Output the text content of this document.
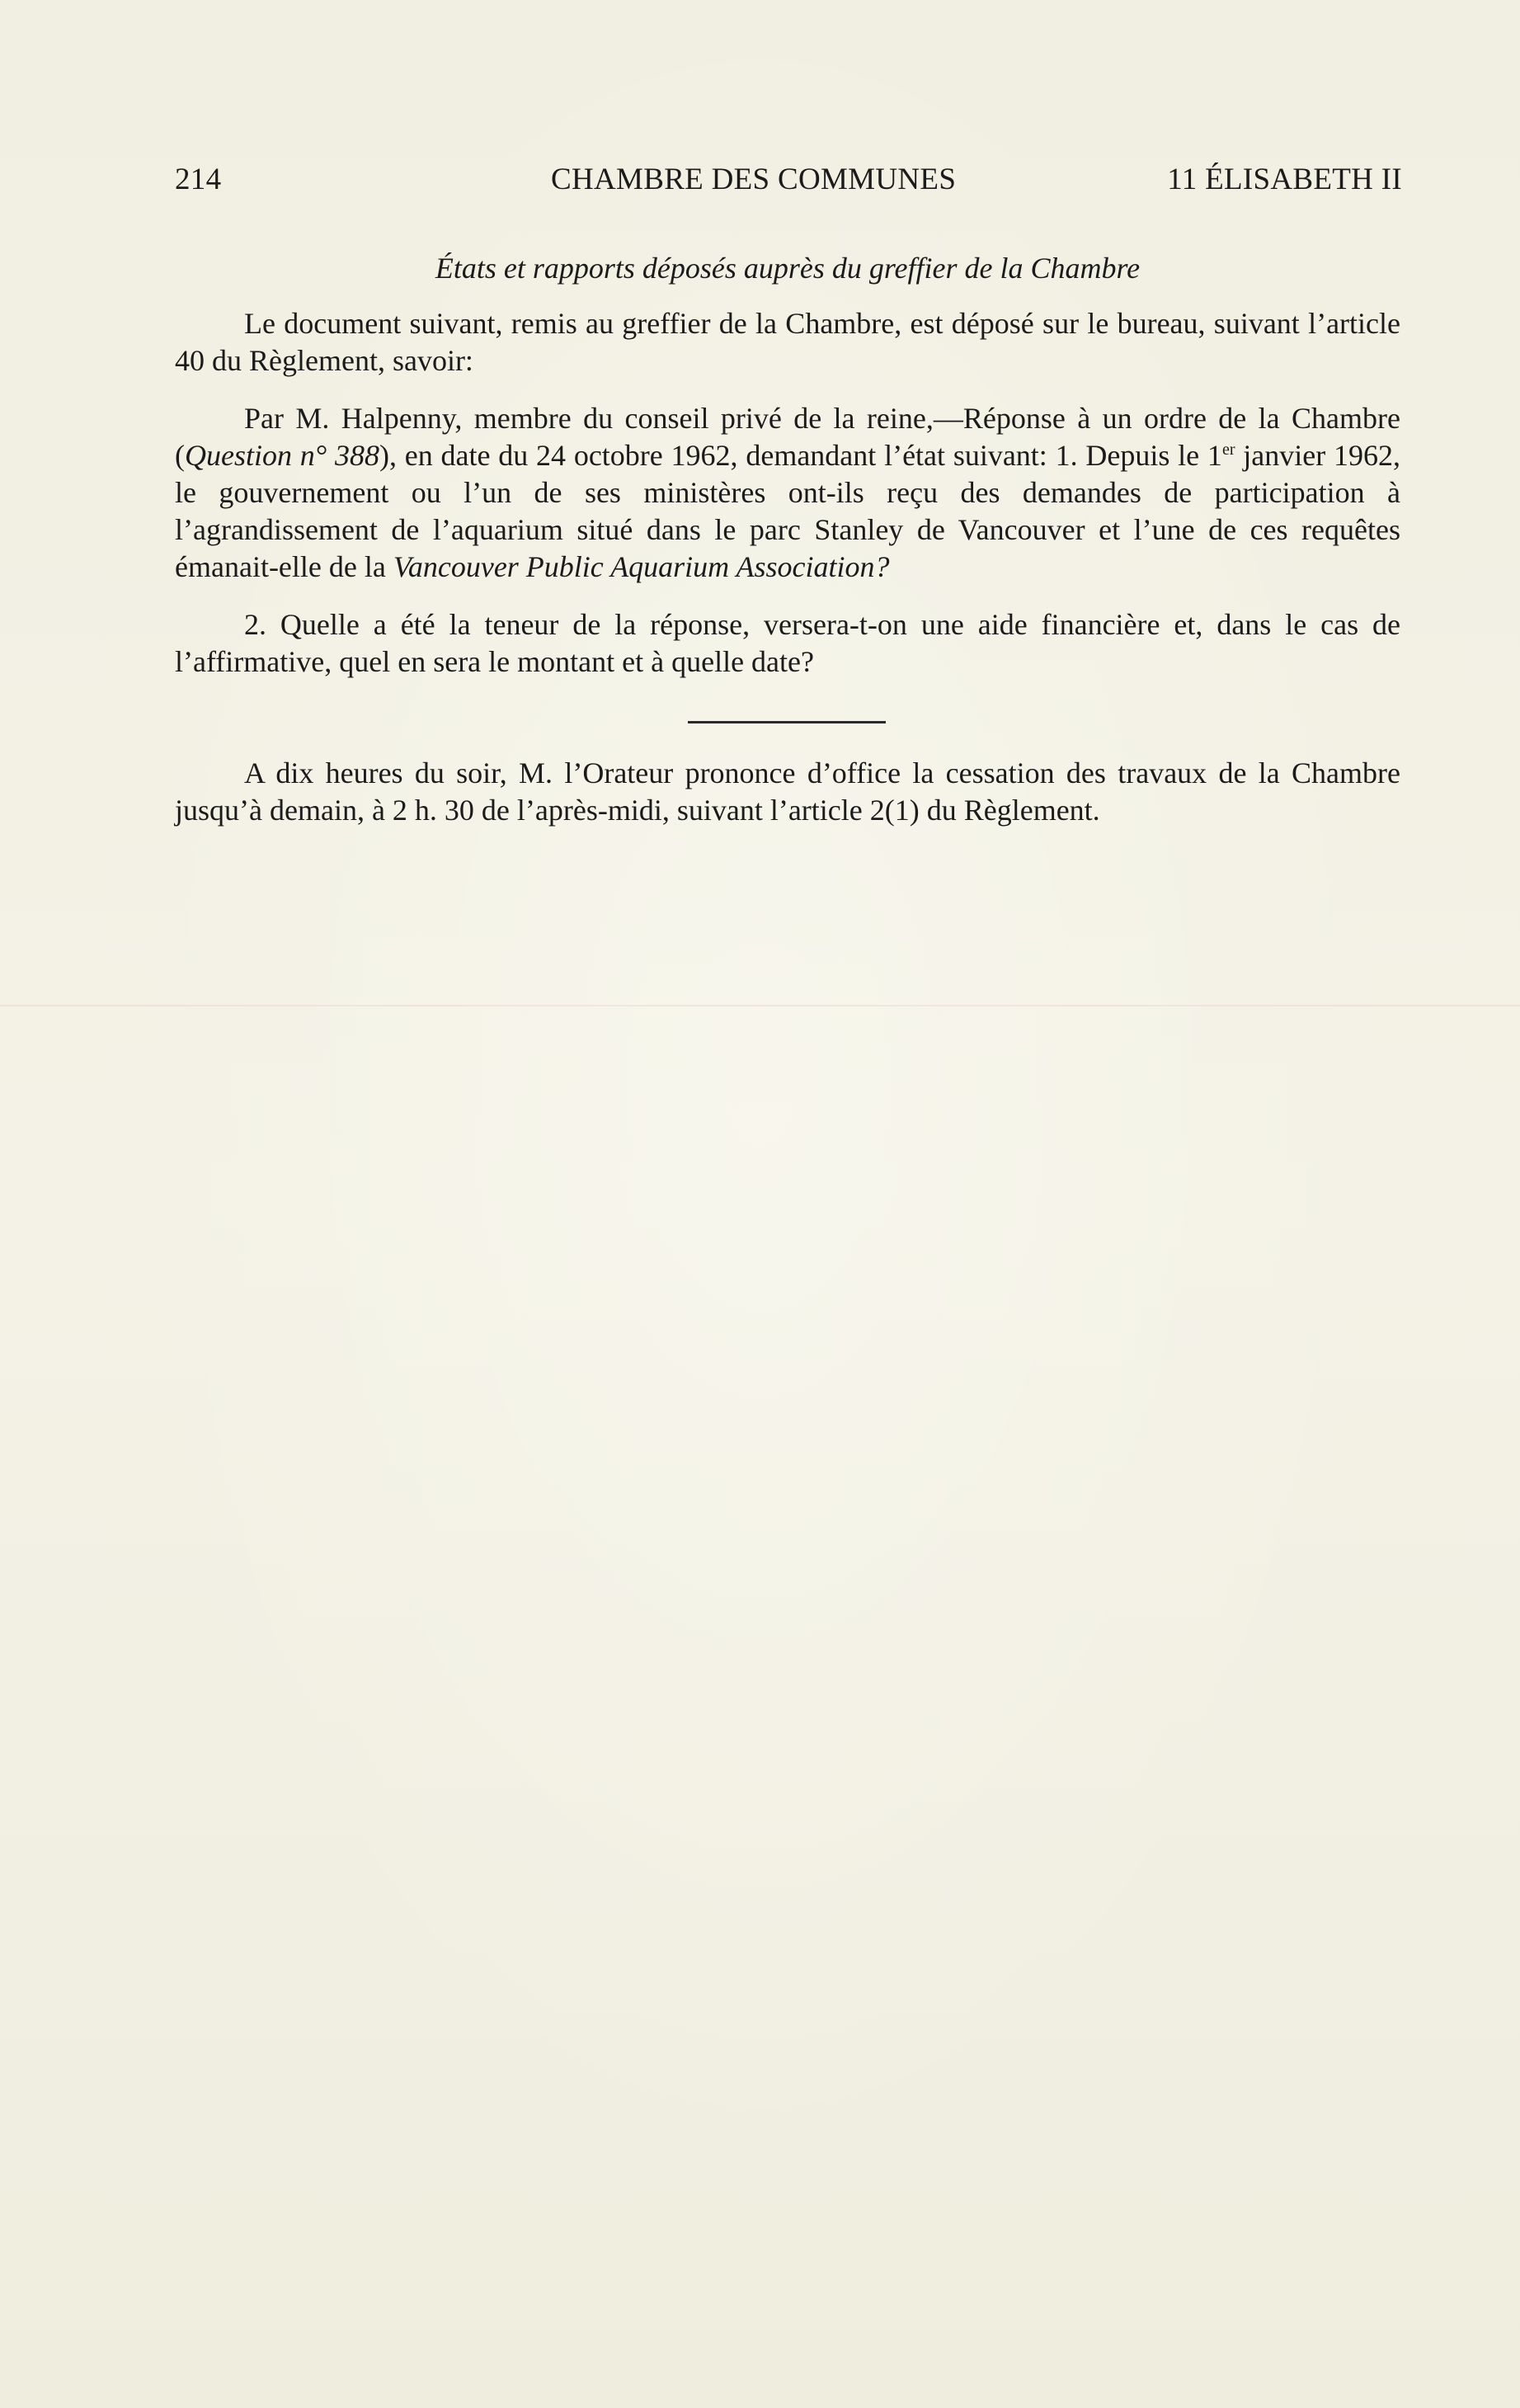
214	CHAMBRE DES COMMUNES	11 ÉLISABETH II
États et rapports déposés auprès du greffier de la Chambre

Le document suivant, remis au greffier de la Chambre, est déposé sur le bureau, suivant l’article 40 du Règlement, savoir:

Par M. Halpenny, membre du conseil privé de la reine,—Réponse à un ordre de la Chambre (Question n° 388), en date du 24 octobre 1962, demandant l’état suivant: 1. Depuis le 1er janvier 1962, le gouvernement ou l’un de ses ministères ont-ils reçu des demandes de participation à l’agrandissement de l’aquarium situé dans le parc Stanley de Vancouver et l’une de ces requêtes émanait-elle de la Vancouver Public Aquarium Association?

2. Quelle a été la teneur de la réponse, versera-t-on une aide financière et, dans le cas de l’affirmative, quel en sera le montant et à quelle date?

A dix heures du soir, M. l’Orateur prononce d’office la cessation des travaux de la Chambre jusqu’à demain, à 2 h. 30 de l’après-midi, suivant l’article 2(1) du Règlement.
